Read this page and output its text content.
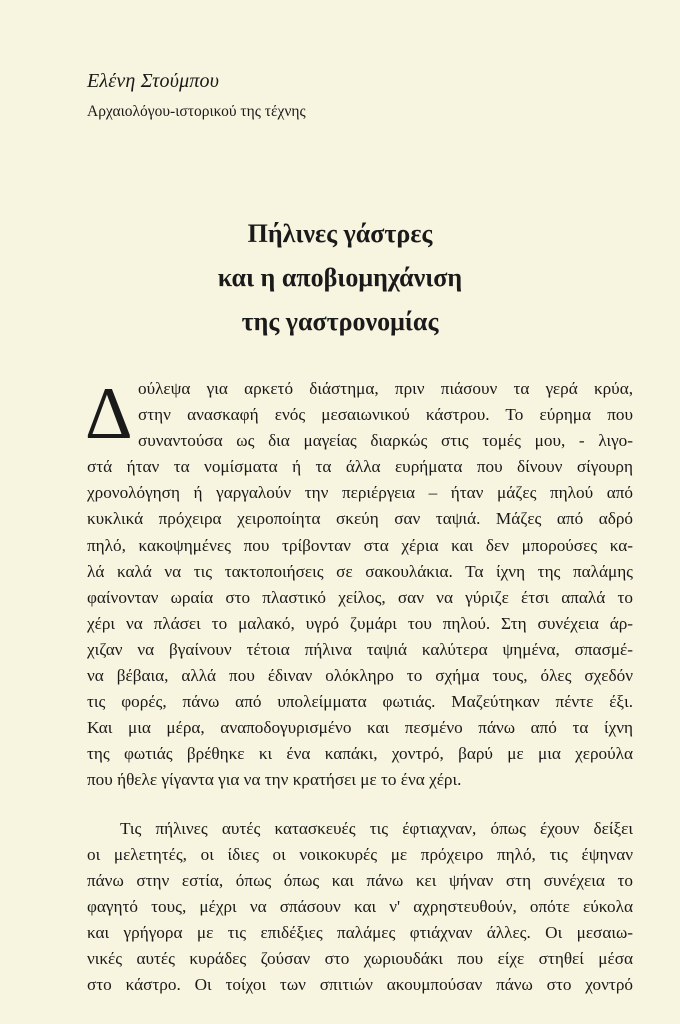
Ελένη Στούμπου
Αρχαιολόγου-ιστορικού της τέχνης
Πήλινες γάστρες
και η αποβιομηχάνιση
της γαστρονομίας
Δ ούλεψα για αρκετό διάστημα, πριν πιάσουν τα γερά κρύα,
στην ανασκαφή ενός μεσαιωνικού κάστρου. Το εύρημα που
συναντούσα ως δια μαγείας διαρκώς στις τομές μου, - λιγο-
στά ήταν τα νομίσματα ή τα άλλα ευρήματα που δίνουν σίγουρη
χρονολόγηση ή γαργαλούν την περιέργεια – ήταν μάζες πηλού από
κυκλικά πρόχειρα χειροποίητα σκεύη σαν ταψιά. Μάζες από αδρό
πηλό, κακοψημένες που τρίβονταν στα χέρια και δεν μπορούσες κα-
λά καλά να τις τακτοποιήσεις σε σακουλάκια. Τα ίχνη της παλάμης
φαίνονταν ωραία στο πλαστικό χείλος, σαν να γύριζε έτσι απαλά το
χέρι να πλάσει το μαλακό, υγρό ζυμάρι του πηλού. Στη συνέχεια άρ-
χιζαν να βγαίνουν τέτοια πήλινα ταψιά καλύτερα ψημένα, σπασμέ-
να βέβαια, αλλά που έδιναν ολόκληρο το σχήμα τους, όλες σχεδόν
τις φορές, πάνω από υπολείμματα φωτιάς. Μαζεύτηκαν πέντε έξι.
Και μια μέρα, αναποδογυρισμένο και πεσμένο πάνω από τα ίχνη
της φωτιάς βρέθηκε κι ένα καπάκι, χοντρό, βαρύ με μια χερούλα
που ήθελε γίγαντα για να την κρατήσει με το ένα χέρι.
Τις πήλινες αυτές κατασκευές τις έφτιαχναν, όπως έχουν δείξει
οι μελετητές, οι ίδιες οι νοικοκυρές με πρόχειρο πηλό, τις έψηναν
πάνω στην εστία, όπως όπως και πάνω κει ψήναν στη συνέχεια το
φαγητό τους, μέχρι να σπάσουν και ν' αχρηστευθούν, οπότε εύκολα
και γρήγορα με τις επιδέξιες παλάμες φτιάχναν άλλες. Οι μεσαιω-
νικές αυτές κυράδες ζούσαν στο χωριουδάκι που είχε στηθεί μέσα
στο κάστρο. Οι τοίχοι των σπιτιών ακουμπούσαν πάνω στο χοντρό
